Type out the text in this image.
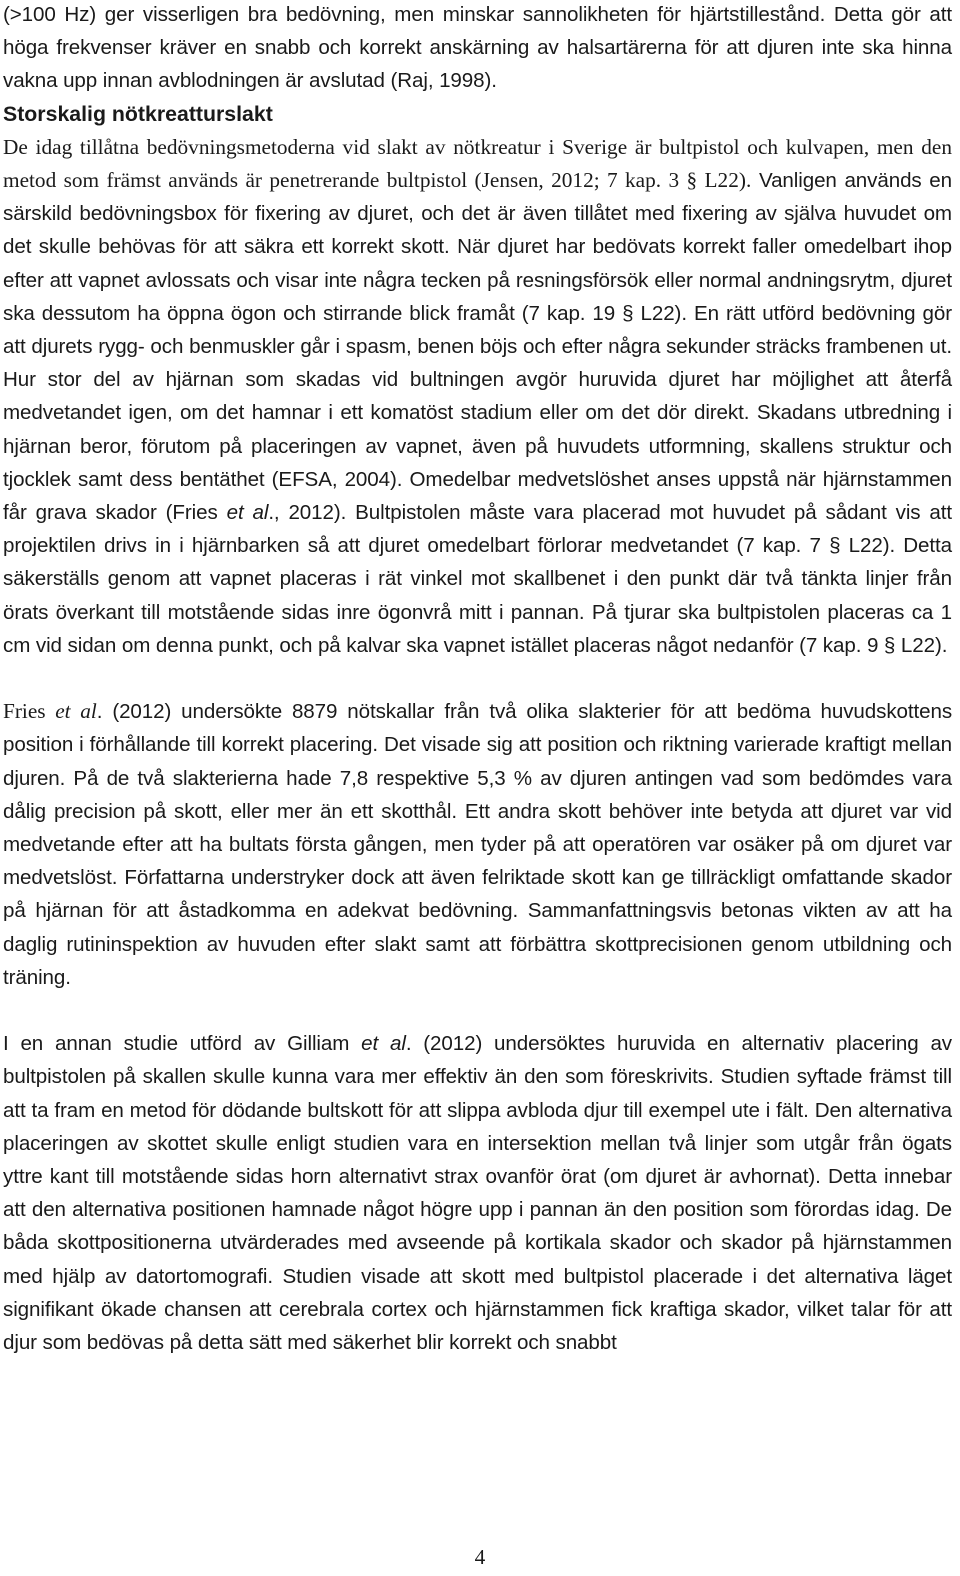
(>100 Hz) ger visserligen bra bedövning, men minskar sannolikheten för hjärtstillestånd. Detta gör att höga frekvenser kräver en snabb och korrekt anskärning av halsartärerna för att djuren inte ska hinna vakna upp innan avblodningen är avslutad (Raj, 1998).

Storskalig nötkreatturslakt

De idag tillåtna bedövningsmetoderna vid slakt av nötkreatur i Sverige är bultpistol och kulvapen, men den metod som främst används är penetrerande bultpistol (Jensen, 2012; 7 kap. 3 § L22). Vanligen används en särskild bedövningsbox för fixering av djuret, och det är även tillåtet med fixering av själva huvudet om det skulle behövas för att säkra ett korrekt skott. När djuret har bedövats korrekt faller omedelbart ihop efter att vapnet avlossats och visar inte några tecken på resningsförsök eller normal andningsrytm, djuret ska dessutom ha öppna ögon och stirrande blick framåt (7 kap. 19 § L22). En rätt utförd bedövning gör att djurets rygg- och benmuskler går i spasm, benen böjs och efter några sekunder sträcks frambenen ut. Hur stor del av hjärnan som skadas vid bultningen avgör huruvida djuret har möjlighet att återfå medvetandet igen, om det hamnar i ett komatöst stadium eller om det dör direkt. Skadans utbredning i hjärnan beror, förutom på placeringen av vapnet, även på huvudets utformning, skallens struktur och tjocklek samt dess bentäthet (EFSA, 2004). Omedelbar medvetslöshet anses uppstå när hjärnstammen får grava skador (Fries et al., 2012). Bultpistolen måste vara placerad mot huvudet på sådant vis att projektilen drivs in i hjärnbarken så att djuret omedelbart förlorar medvetandet (7 kap. 7 § L22). Detta säkerställs genom att vapnet placeras i rät vinkel mot skallbenet i den punkt där två tänkta linjer från örats överkant till motstående sidas inre ögonvrå mitt i pannan. På tjurar ska bultpistolen placeras ca 1 cm vid sidan om denna punkt, och på kalvar ska vapnet istället placeras något nedanför (7 kap. 9 § L22).

Fries et al. (2012) undersökte 8879 nötskallar från två olika slakterier för att bedöma huvudskottens position i förhållande till korrekt placering. Det visade sig att position och riktning varierade kraftigt mellan djuren. På de två slakterierna hade 7,8 respektive 5,3 % av djuren antingen vad som bedömdes vara dålig precision på skott, eller mer än ett skotthål. Ett andra skott behöver inte betyda att djuret var vid medvetande efter att ha bultats första gången, men tyder på att operatören var osäker på om djuret var medvetslöst. Författarna understryker dock att även felriktade skott kan ge tillräckligt omfattande skador på hjärnan för att åstadkomma en adekvat bedövning. Sammanfattningsvis betonas vikten av att ha daglig rutininspektion av huvuden efter slakt samt att förbättra skottprecisionen genom utbildning och träning.

I en annan studie utförd av Gilliam et al. (2012) undersöktes huruvida en alternativ placering av bultpistolen på skallen skulle kunna vara mer effektiv än den som föreskrivits. Studien syftade främst till att ta fram en metod för dödande bultskott för att slippa avbloda djur till exempel ute i fält. Den alternativa placeringen av skottet skulle enligt studien vara en intersektion mellan två linjer som utgår från ögats yttre kant till motstående sidas horn alternativt strax ovanför örat (om djuret är avhornat). Detta innebar att den alternativa positionen hamnade något högre upp i pannan än den position som förordas idag. De båda skottpositionerna utvärderades med avseende på kortikala skador och skador på hjärnstammen med hjälp av datortomografi. Studien visade att skott med bultpistol placerade i det alternativa läget signifikant ökade chansen att cerebrala cortex och hjärnstammen fick kraftiga skador, vilket talar för att djur som bedövas på detta sätt med säkerhet blir korrekt och snabbt

4
